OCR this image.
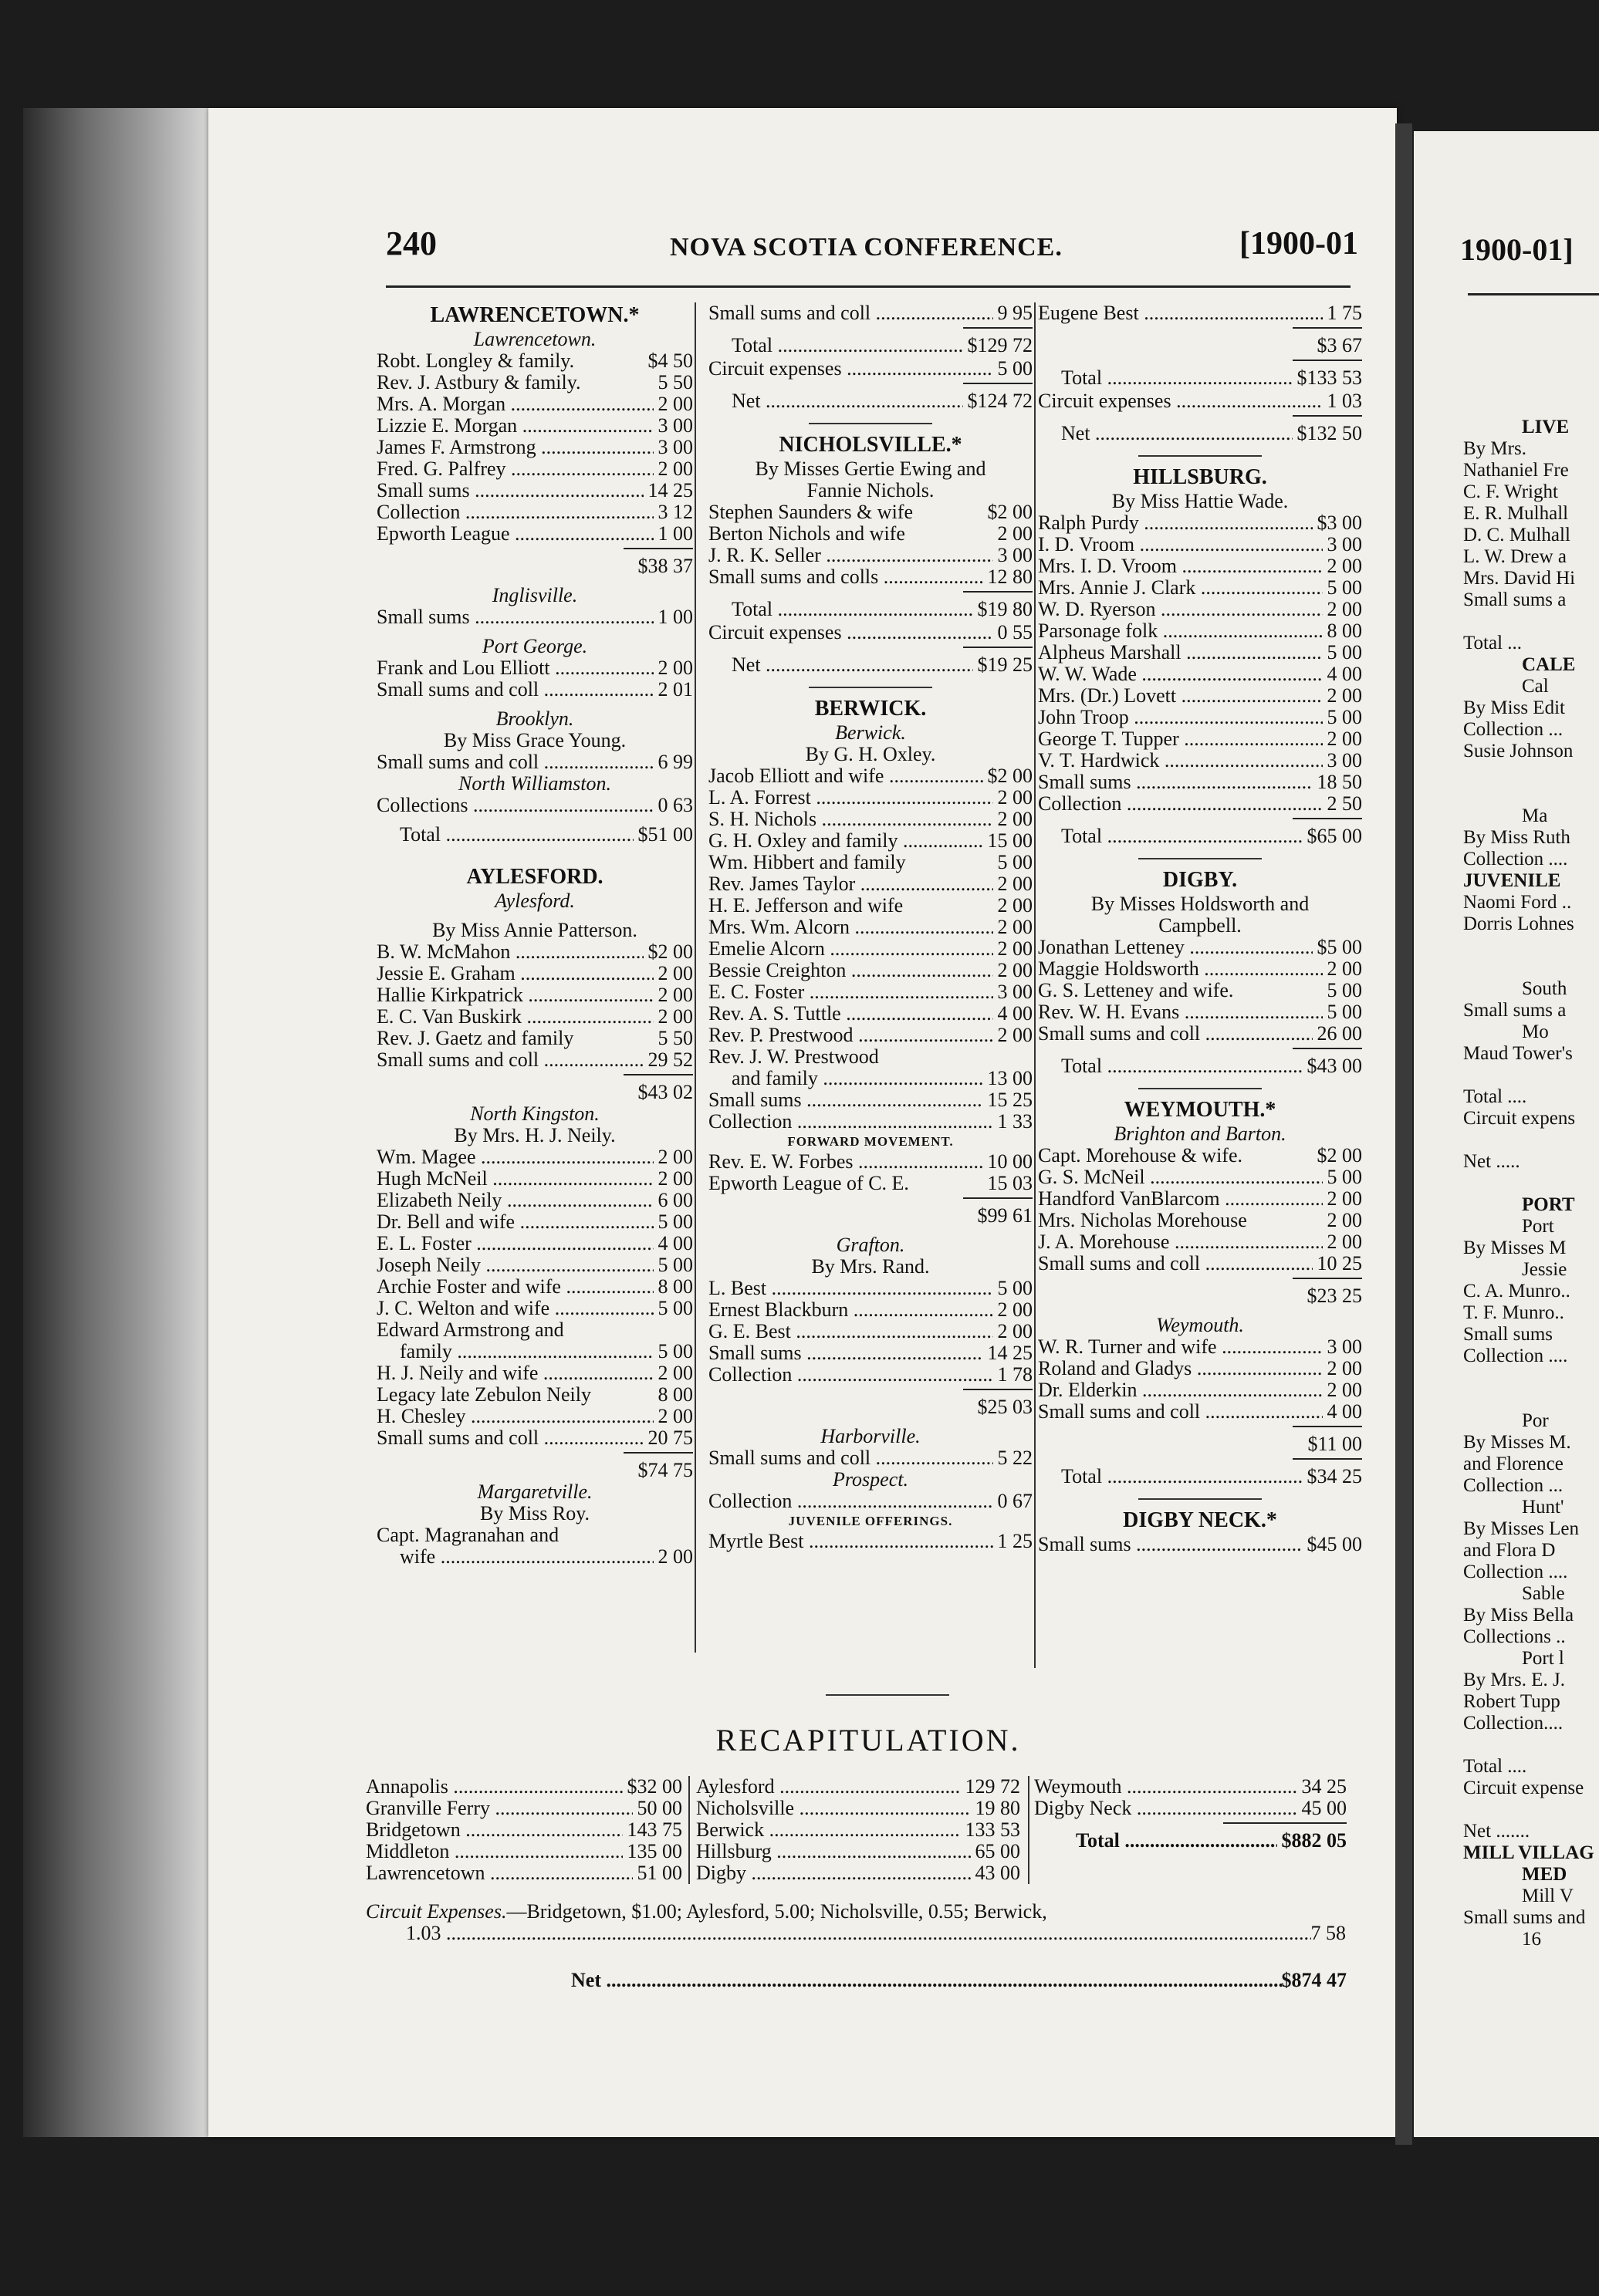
1900-01]
LIVE
By Mrs.
Nathaniel Fre
C. F. Wright
E. R. Mulhall
D. C. Mulhall
L. W. Drew a
Mrs. David Hi
Small sums a
Total ...
CALE
Cal
By Miss Edit
Collection ...
Susie Johnson
Ma
By Miss Ruth
Collection ....
JUVENILE
Naomi Ford ..
Dorris Lohnes
South
Small sums a
Mo
Maud Tower's
Total ....
Circuit expens
Net .....
PORT
Port
By Misses M
Jessie
C. A. Munro..
T. F. Munro..
Small sums
Collection ....
Por
By Misses M.
and Florence
Collection ...
Hunt'
By Misses Len
and Flora D
Collection ....
Sable
By Miss Bella
Collections ..
Port l
By Mrs. E. J.
Robert Tupp
Collection....
Total ....
Circuit expense
Net .......
MILL VILLAG
MED
Mill V
Small sums and
16
240	NOVA SCOTIA CONFERENCE.	[1900-01
LAWRENCETOWN.*
Lawrencetown.
Robt. Longley & family.	$4 50
Rev. J. Astbury & family.	5 50
Mrs. A. Morgan .....	2 00
Lizzie E. Morgan .....	3 00
James F. Armstrong .....	3 00
Fred. G. Palfrey .....	2 00
Small sums .....	14 25
Collection .....	3 12
Epworth League .....	1 00
$38 37
Inglisville.
Small sums .....	1 00
Port George.
Frank and Lou Elliott .....	2 00
Small sums and coll .....	2 01
Brooklyn.
By Miss Grace Young.
Small sums and coll .....	6 99
North Williamston.
Collections .....	0 63
Total .....	$51 00
AYLESFORD.
Aylesford.
By Miss Annie Patterson.
B. W. McMahon .....	$2 00
Jessie E. Graham .....	2 00
Hallie Kirkpatrick .....	2 00
E. C. Van Buskirk .....	2 00
Rev. J. Gaetz and family	5 50
Small sums and coll .....	29 52
$43 02
North Kingston.
By Mrs. H. J. Neily.
Wm. Magee .....	2 00
Hugh McNeil .....	2 00
Elizabeth Neily .....	6 00
Dr. Bell and wife .....	5 00
E. L. Foster .....	4 00
Joseph Neily .....	5 00
Archie Foster and wife .....	8 00
J. C. Welton and wife .....	5 00
Edward Armstrong and
family .....	5 00
H. J. Neily and wife .....	2 00
Legacy late Zebulon Neily	8 00
H. Chesley .....	2 00
Small sums and coll .....	20 75
$74 75
Margaretville.
By Miss Roy.
Capt. Magranahan and
wife .....	2 00
Small sums and coll .....	9 95
Total .....	$129 72
Circuit expenses .....	5 00
Net .....	$124 72
NICHOLSVILLE.*
By Misses Gertie Ewing and
Fannie Nichols.
Stephen Saunders & wife	$2 00
Berton Nichols and wife	2 00
J. R. K. Seller .....	3 00
Small sums and colls .....	12 80
Total .....	$19 80
Circuit expenses .....	0 55
Net .....	$19 25
BERWICK.
Berwick.
By G. H. Oxley.
Jacob Elliott and wife .....	$2 00
L. A. Forrest .....	2 00
S. H. Nichols .....	2 00
G. H. Oxley and family .....	15 00
Wm. Hibbert and family	5 00
Rev. James Taylor .....	2 00
H. E. Jefferson and wife	2 00
Mrs. Wm. Alcorn .....	2 00
Emelie Alcorn .....	2 00
Bessie Creighton .....	2 00
E. C. Foster .....	3 00
Rev. A. S. Tuttle .....	4 00
Rev. P. Prestwood .....	2 00
Rev. J. W. Prestwood
and family .....	13 00
Small sums .....	15 25
Collection .....	1 33
FORWARD MOVEMENT.
Rev. E. W. Forbes .....	10 00
Epworth League of C. E.	15 03
$99 61
Grafton.
By Mrs. Rand.
L. Best .....	5 00
Ernest Blackburn .....	2 00
G. E. Best .....	2 00
Small sums .....	14 25
Collection .....	1 78
$25 03
Harborville.
Small sums and coll .....	5 22
Prospect.
Collection .....	0 67
JUVENILE OFFERINGS.
Myrtle Best .....	1 25
Eugene Best .....	1 75
$3 67
Total .....	$133 53
Circuit expenses .....	1 03
Net .....	$132 50
HILLSBURG.
By Miss Hattie Wade.
Ralph Purdy .....	$3 00
I. D. Vroom .....	3 00
Mrs. I. D. Vroom .....	2 00
Mrs. Annie J. Clark .....	5 00
W. D. Ryerson .....	2 00
Parsonage folk .....	8 00
Alpheus Marshall .....	5 00
W. W. Wade .....	4 00
Mrs. (Dr.) Lovett .....	2 00
John Troop .....	5 00
George T. Tupper .....	2 00
V. T. Hardwick .....	3 00
Small sums .....	18 50
Collection .....	2 50
Total .....	$65 00
DIGBY.
By Misses Holdsworth and
Campbell.
Jonathan Letteney .....	$5 00
Maggie Holdsworth .....	2 00
G. S. Letteney and wife.	5 00
Rev. W. H. Evans .....	5 00
Small sums and coll .....	26 00
Total .....	$43 00
WEYMOUTH.*
Brighton and Barton.
Capt. Morehouse & wife.	$2 00
G. S. McNeil .....	5 00
Handford VanBlarcom .....	2 00
Mrs. Nicholas Morehouse	2 00
J. A. Morehouse .....	2 00
Small sums and coll .....	10 25
$23 25
Weymouth.
W. R. Turner and wife .....	3 00
Roland and Gladys .....	2 00
Dr. Elderkin .....	2 00
Small sums and coll .....	4 00
$11 00
Total .....	$34 25
DIGBY NECK.*
Small sums .....	$45 00
RECAPITULATION.
Annapolis .....	$32 00
Granville Ferry .....	50 00
Bridgetown .....	143 75
Middleton .....	135 00
Lawrencetown .....	51 00
Aylesford .....	129 72
Nicholsville .....	19 80
Berwick .....	133 53
Hillsburg .....	65 00
Digby .....	43 00
Weymouth .....	34 25
Digby Neck .....	45 00
Total .....	$882 05
Circuit Expenses.—Bridgetown, $1.00; Aylesford, 5.00; Nicholsville, 0.55; Berwick,
1.03 .....	7 58
Net .....	$874 47
